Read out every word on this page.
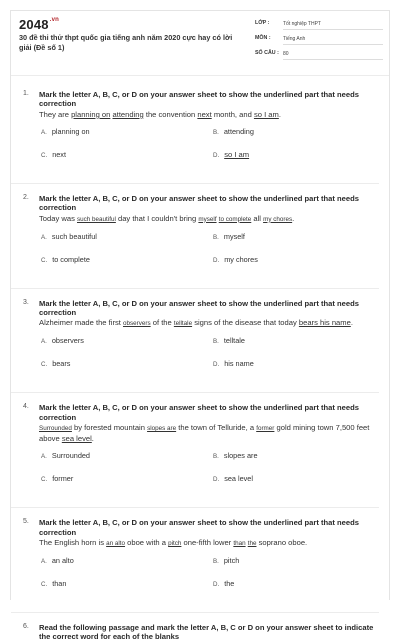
$2048^{.vn}$
30 đề thi thử thpt quốc gia tiếng anh năm 2020 cực hay có lời giải (Đề số 1)
LỚP :	Tốt nghiệp THPT
MÔN : Tiếng Anh
SỐ CÂU : 80
1. Mark the letter A, B, C, or D on your answer sheet to show the underlined part that needs correction
They are planning on attending the convention next month, and so I am.
A. planning on	B. attending
C. next	D. so I am
2. Mark the letter A, B, C, or D on your answer sheet to show the underlined part that needs correction
Today was such beautiful day that I couldn't bring myself to complete all my chores.
A. such beautiful	B. myself
C. to complete	D. my chores
3. Mark the letter A, B, C, or D on your answer sheet to show the underlined part that needs correction
Alzheimer made the first observers of the telltale signs of the disease that today bears his name.
A. observers	B. telltale
C. bears	D. his name
4. Mark the letter A, B, C, or D on your answer sheet to show the underlined part that needs correction
Surrounded by forested mountain slopes are the town of Telluride, a former gold mining town 7,500 feet above sea level.
A. Surrounded	B. slopes are
C. former	D. sea level
5. Mark the letter A, B, C, or D on your answer sheet to show the underlined part that needs correction
The English horn is an alto oboe with a pitch one-fifth lower than the soprano oboe.
A. an alto	B. pitch
C. than	D. the
6. Read the following passage and mark the letter A, B, C or D on your answer sheet to indicate the correct word for each of the blanks
